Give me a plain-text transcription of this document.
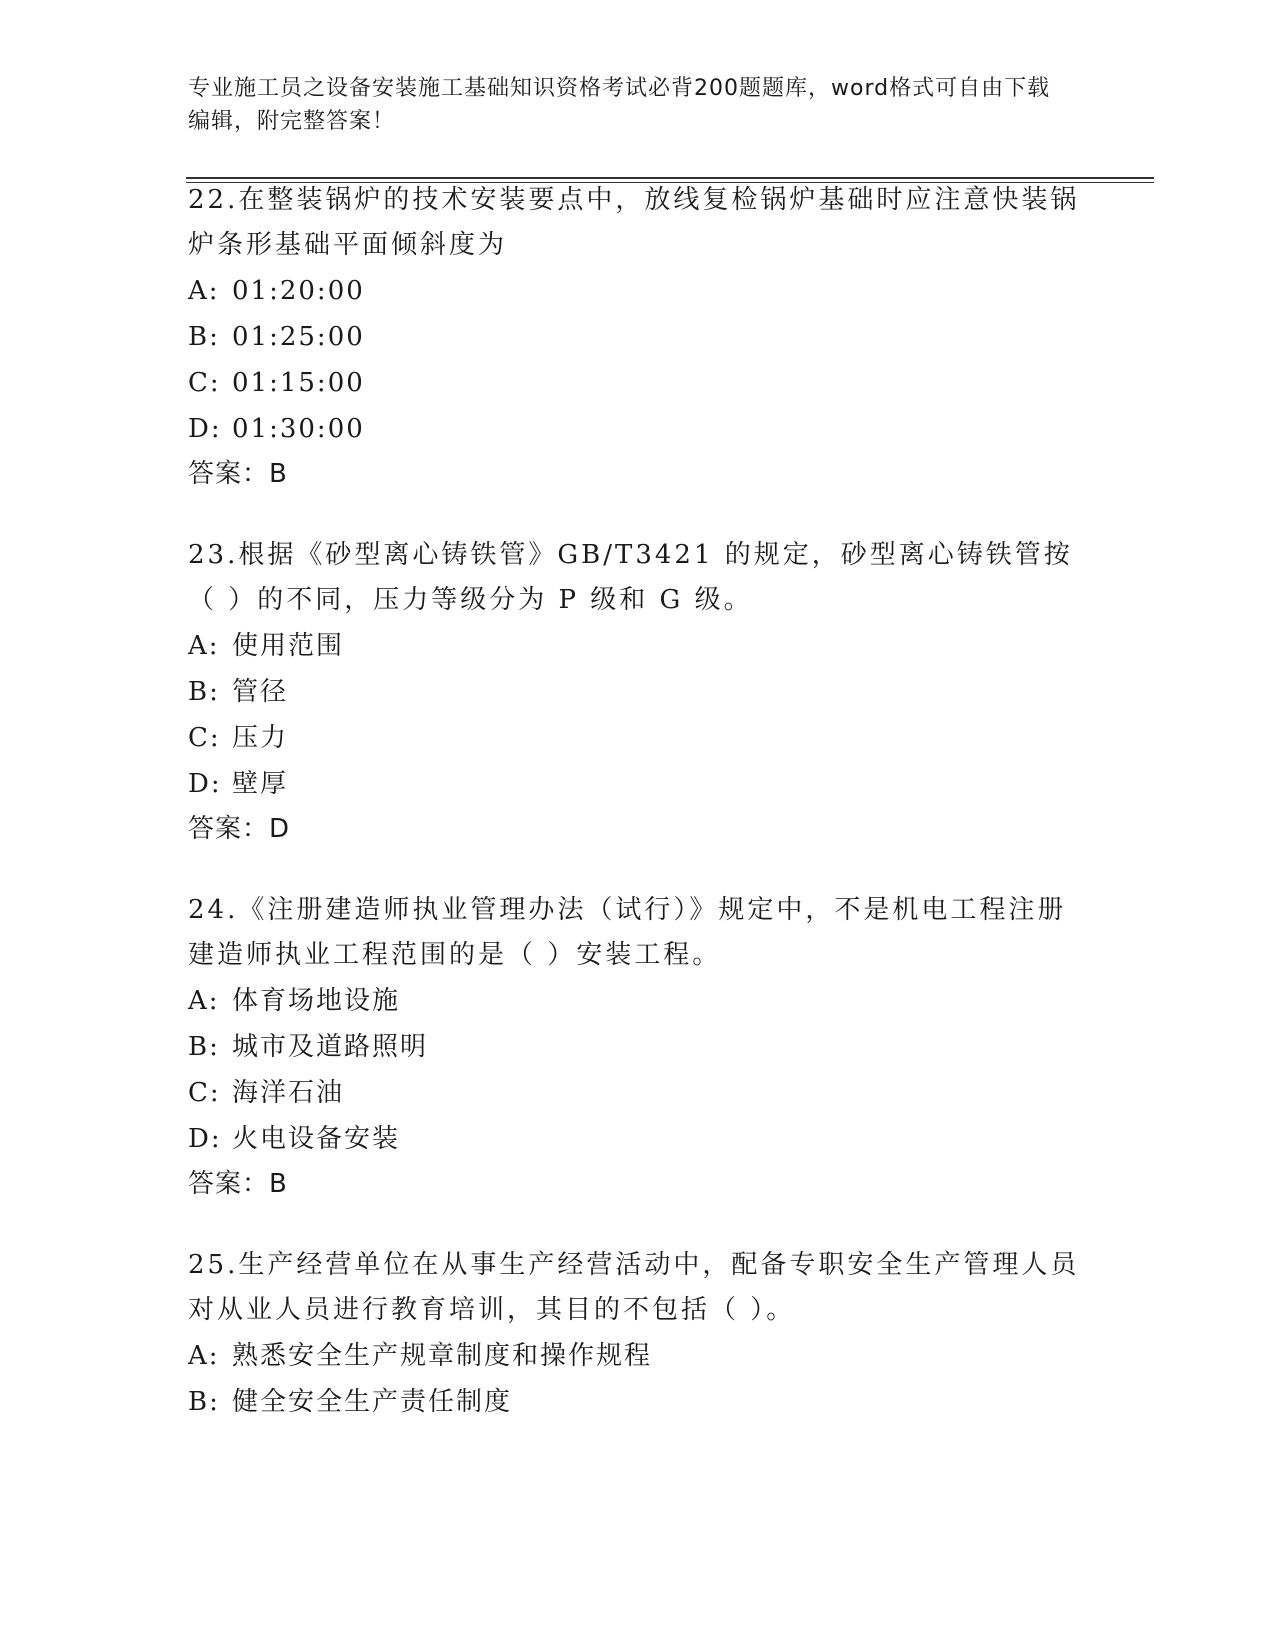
专业施工员之设备安装施工基础知识资格考试必背200题题库，word格式可自由下载编辑，附完整答案！

22.在整装锅炉的技术安装要点中，放线复检锅炉基础时应注意快装锅炉条形基础平面倾斜度为

A: 01:20:00

B: 01:25:00

C: 01:15:00

D: 01:30:00

答案：B

23.根据《砂型离心铸铁管》GB/T3421 的规定，砂型离心铸铁管按（ ）的不同，压力等级分为 P 级和 G 级。

A: 使用范围

B: 管径

C: 压力

D: 壁厚

答案：D

24.《注册建造师执业管理办法（试行）》规定中，不是机电工程注册建造师执业工程范围的是（ ）安装工程。

A: 体育场地设施

B: 城市及道路照明

C: 海洋石油

D: 火电设备安装

答案：B

25.生产经营单位在从事生产经营活动中，配备专职安全生产管理人员对从业人员进行教育培训，其目的不包括（ ）。

A: 熟悉安全生产规章制度和操作规程

B: 健全安全生产责任制度
